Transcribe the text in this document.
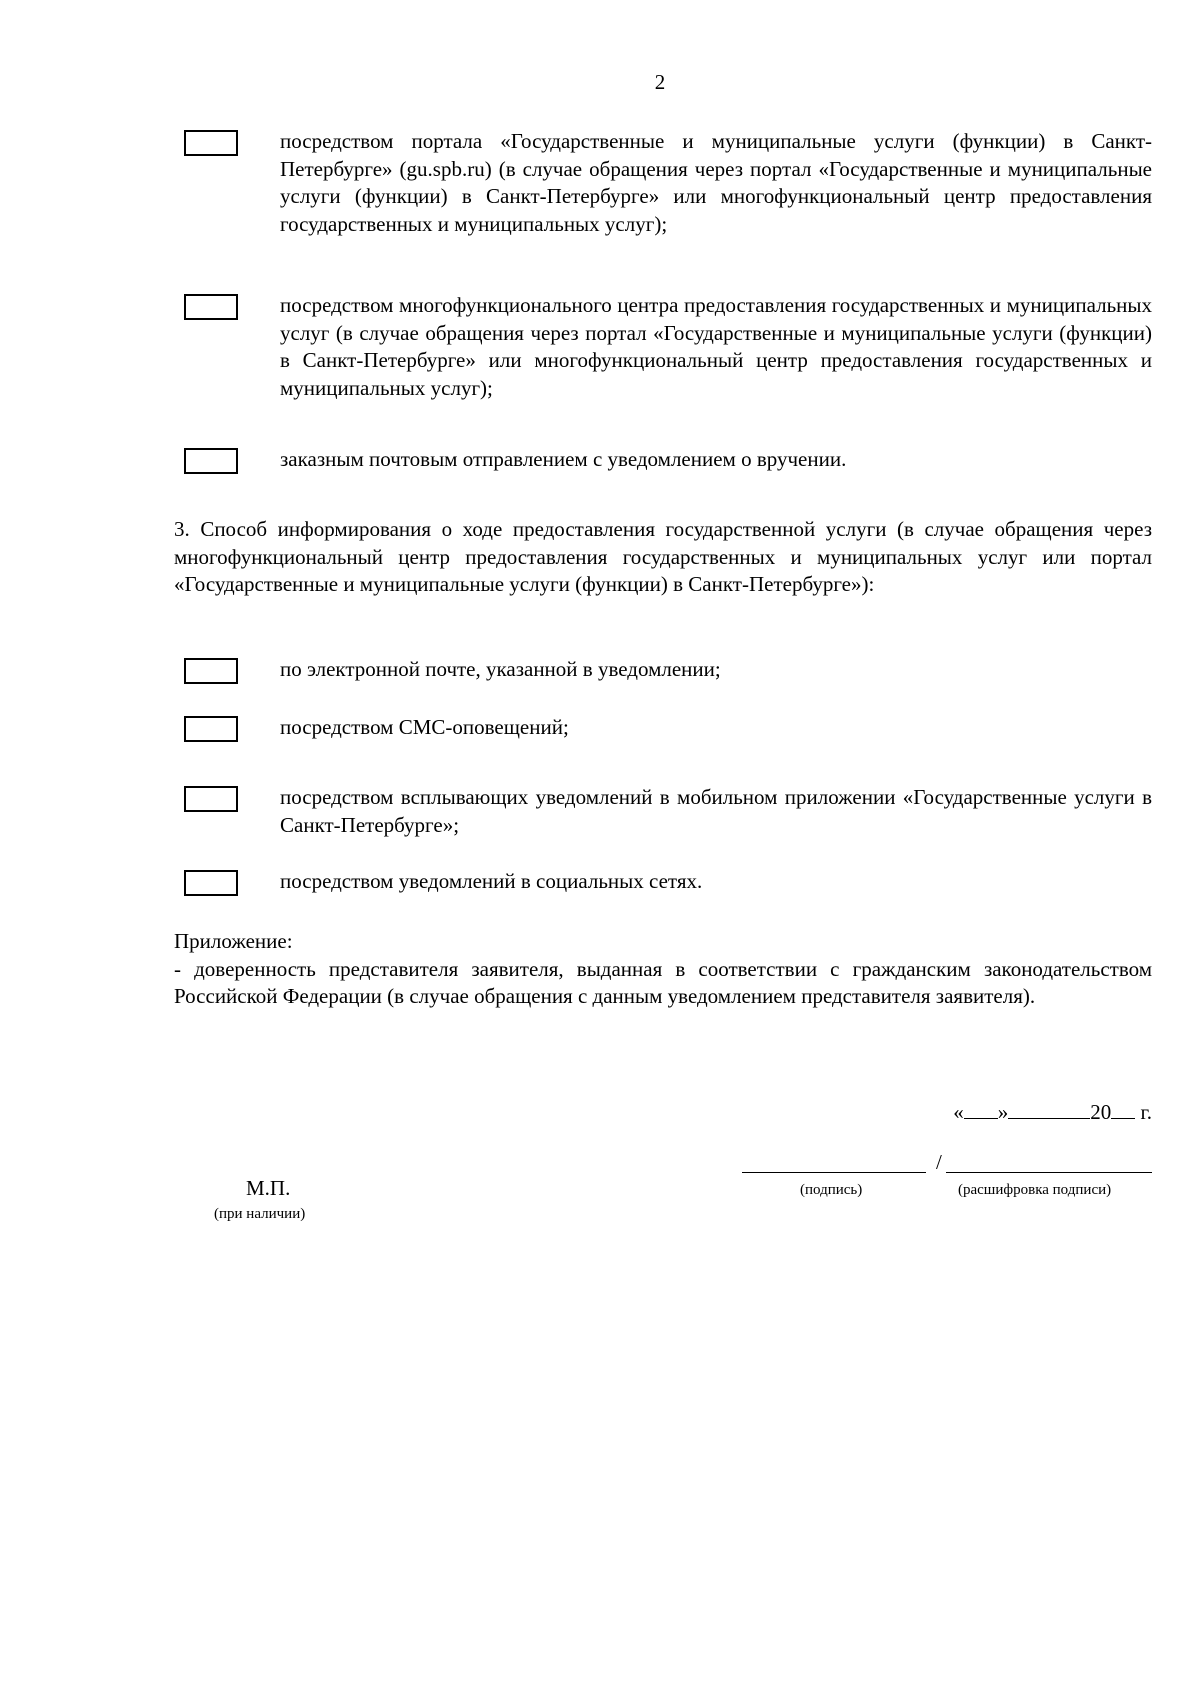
2
посредством портала «Государственные и муниципальные услуги (функции) в Санкт-Петербурге» (gu.spb.ru) (в случае обращения через портал «Государственные и муниципальные услуги (функции) в Санкт-Петербурге» или многофункциональный центр предоставления государственных и муниципальных услуг);
посредством многофункционального центра предоставления государственных и муниципальных услуг (в случае обращения через портал «Государственные и муниципальные услуги (функции) в Санкт-Петербурге» или многофункциональный центр предоставления государственных и муниципальных услуг);
заказным почтовым отправлением с уведомлением о вручении.

3. Способ информирования о ходе предоставления государственной услуги (в случае обращения через многофункциональный центр предоставления государственных и муниципальных услуг или портал «Государственные и муниципальные услуги (функции) в Санкт-Петербурге»):

по электронной почте, указанной в уведомлении;
посредством СМС-оповещений;
посредством всплывающих уведомлений в мобильном приложении «Государственные услуги в Санкт-Петербурге»;
посредством уведомлений в социальных сетях.

Приложение:

- доверенность представителя заявителя, выданная в соответствии с гражданским законодательством Российской Федерации (в случае обращения с данным уведомлением представителя заявителя).

« »	20 г.
/
(подпись)	(расшифровка подписи)
М.П.
(при наличии)
